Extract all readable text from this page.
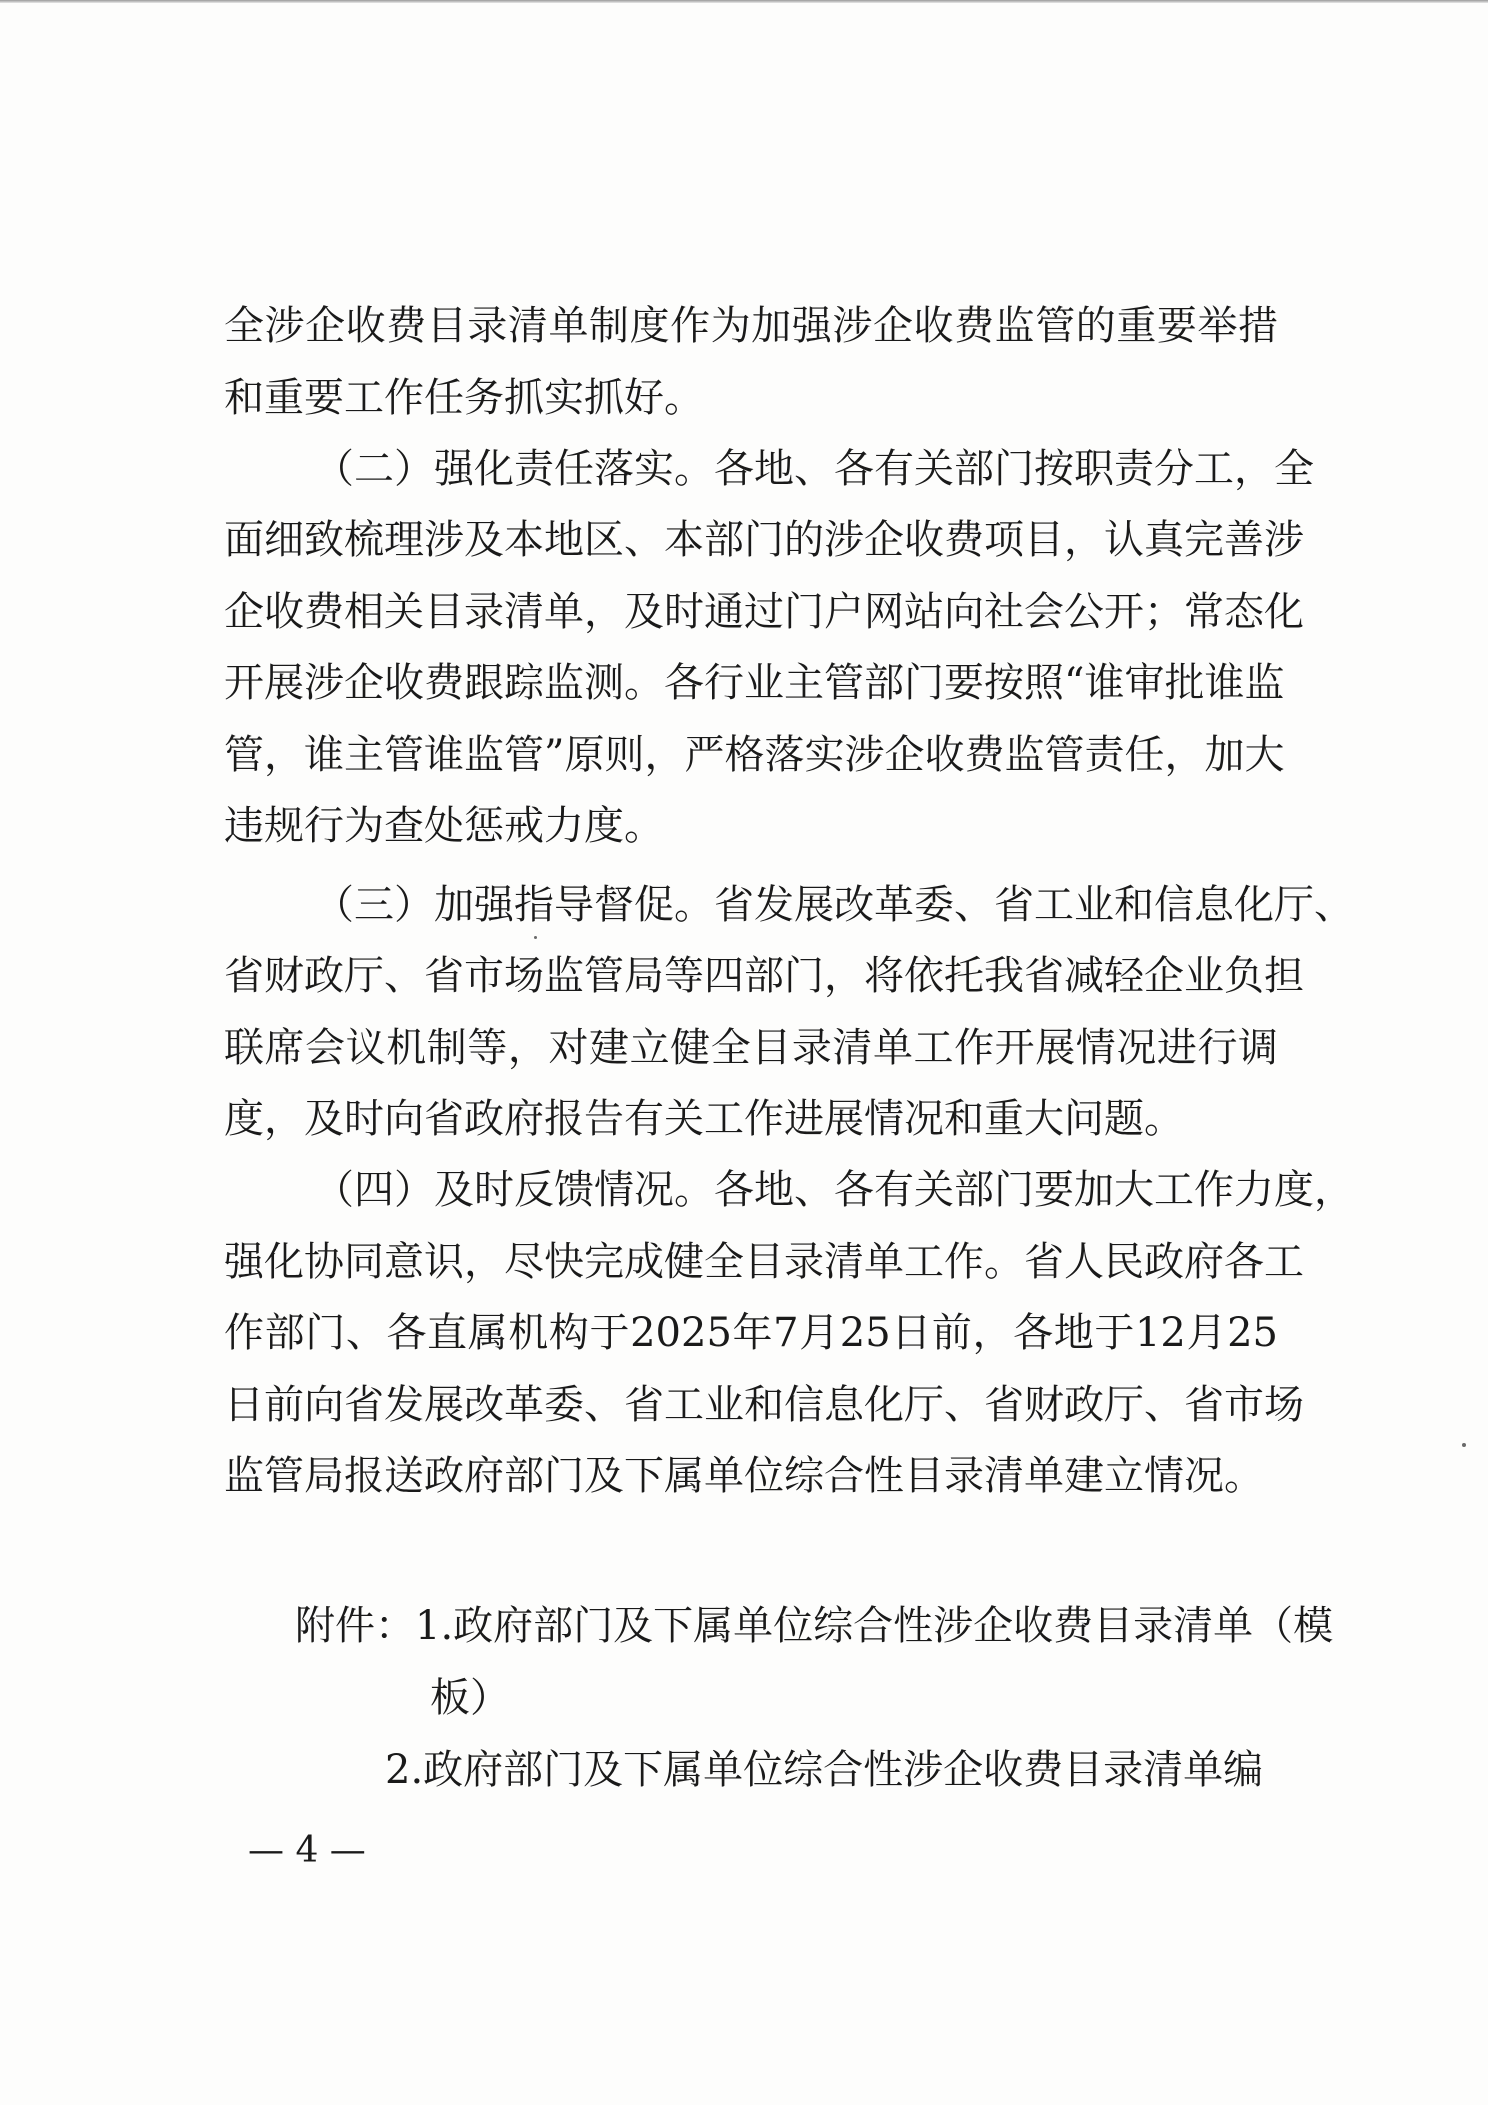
全涉企收费目录清单制度作为加强涉企收费监管的重要举措
和重要工作任务抓实抓好。
（二）强化责任落实。各地、各有关部门按职责分工，全
面细致梳理涉及本地区、本部门的涉企收费项目，认真完善涉
企收费相关目录清单，及时通过门户网站向社会公开；常态化
开展涉企收费跟踪监测。各行业主管部门要按照“谁审批谁监
管，谁主管谁监管”原则，严格落实涉企收费监管责任，加大
违规行为查处惩戒力度。
（三）加强指导督促。省发展改革委、省工业和信息化厅、
省财政厅、省市场监管局等四部门，将依托我省减轻企业负担
联席会议机制等，对建立健全目录清单工作开展情况进行调
度，及时向省政府报告有关工作进展情况和重大问题。
（四）及时反馈情况。各地、各有关部门要加大工作力度，
强化协同意识，尽快完成健全目录清单工作。省人民政府各工
作部门、各直属机构于2025年7月25日前，各地于12月25
日前向省发展改革委、省工业和信息化厅、省财政厅、省市场
监管局报送政府部门及下属单位综合性目录清单建立情况。
附件：1.政府部门及下属单位综合性涉企收费目录清单（模
板）
2.政府部门及下属单位综合性涉企收费目录清单编
— 4 —
